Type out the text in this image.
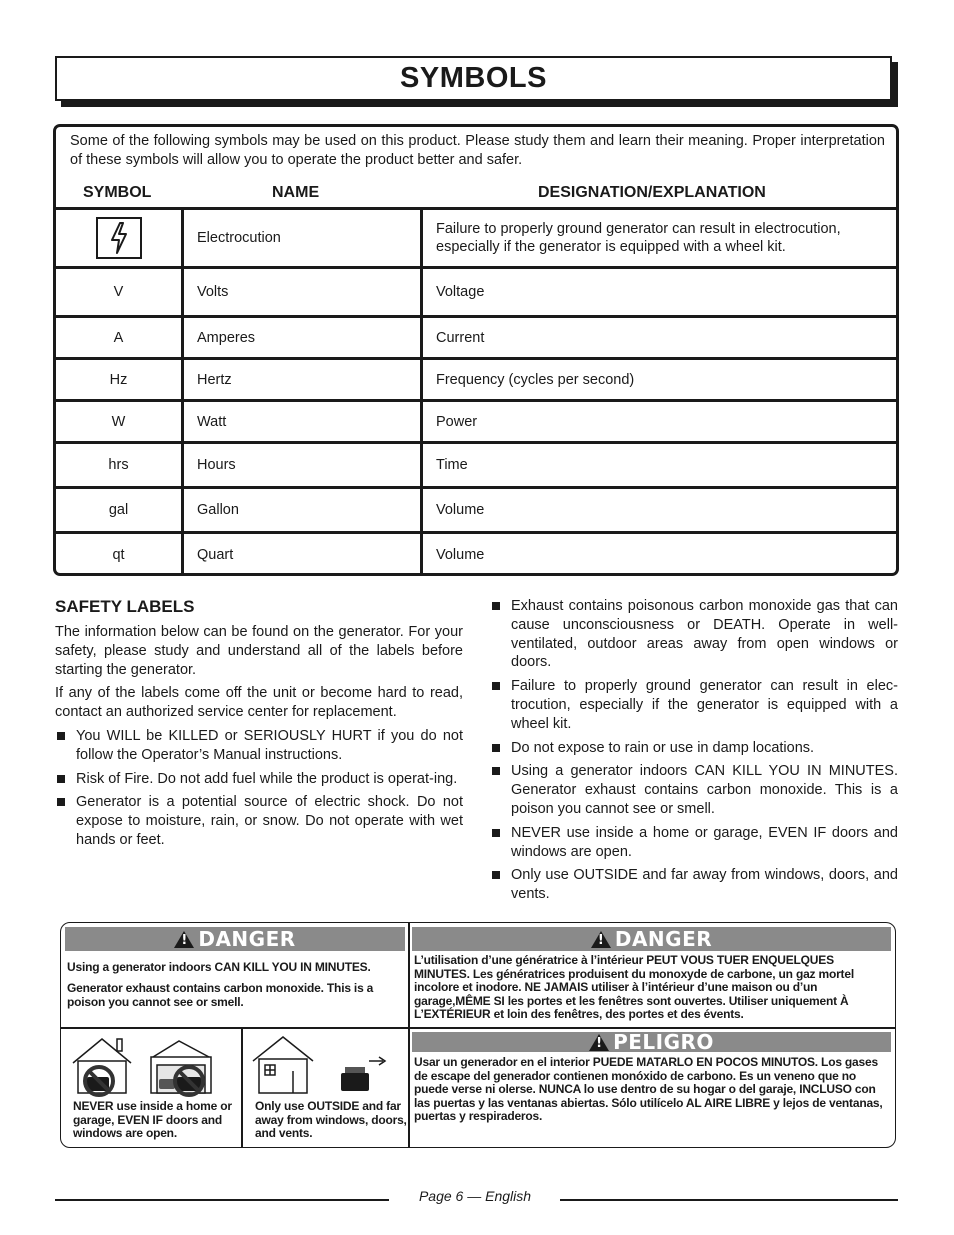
SYMBOLS
Some of the following symbols may be used on this product. Please study them and learn their meaning. Proper interpretation of these symbols will allow you to operate the product better and safer.
SYMBOL	NAME	DESIGNATION/EXPLANATION
Electrocution
Failure to properly ground generator can result in electrocution, especially if the generator is equipped with a wheel kit.
V	Volts	Voltage
A	Amperes	Current
Hz	Hertz	Frequency (cycles per second)
W	Watt	Power
hrs	Hours	Time
gal	Gallon	Volume
qt	Quart	Volume
SAFETY LABELS

The information below can be found on the generator. For your safety, please study and understand all of the labels before starting the generator.

If any of the labels come off the unit or become hard to read, contact an authorized service center for replacement.

You WILL be KILLED or SERIOUSLY HURT if you do not follow the Operator’s Manual instructions.
Risk of Fire. Do not add fuel while the product is operat-ing.
Generator is a potential source of electric shock. Do not expose to moisture, rain, or snow. Do not operate with wet hands or feet.
Exhaust contains poisonous carbon monoxide gas that can cause unconsciousness or DEATH. Operate in well-ventilated, outdoor areas away from open windows or doors.
Failure to properly ground generator can result in elec-trocution, especially if the generator is equipped with a wheel kit.
Do not expose to rain or use in damp locations.
Using a generator indoors CAN KILL YOU IN MINUTES. Generator exhaust contains carbon monoxide. This is a poison you cannot see or smell.
NEVER use inside a home or garage, EVEN IF doors and windows are open.
Only use OUTSIDE and far away from windows, doors, and vents.
!
DANGER
!	DANGER
!
PELIGRO
Using a generator indoors CAN KILL YOU IN MINUTES.
Generator exhaust contains carbon monoxide. This is a poison you cannot see or smell.
L’utilisation d’une génératrice à l’intérieur PEUT VOUS TUER ENQUELQUES MINUTES. Les génératrices produisent du monoxyde de carbone, un gaz mortel incolore et inodore. NE JAMAIS utiliser à l’intérieur d’une maison ou d’un garage,MÊME SI les portes et les fenêtres sont ouvertes. Utiliser uniquement À L’EXTÉRIEUR et loin des fenêtres, des portes et des évents.
Usar un generador en el interior PUEDE MATARLO EN POCOS MINUTOS. Los gases de escape del generador contienen monóxido de carbono. Es un veneno que no puede verse ni olerse. NUNCA lo use dentro de su hogar o del garaje, INCLUSO con las puertas y las ventanas abiertas. Sólo utilícelo AL AIRE LIBRE y lejos de ventanas, puertas y respiraderos.
NEVER use inside a home or garage, EVEN IF doors and windows are open.
Only use OUTSIDE and far away from windows, doors, and vents.
Page 6 — English
